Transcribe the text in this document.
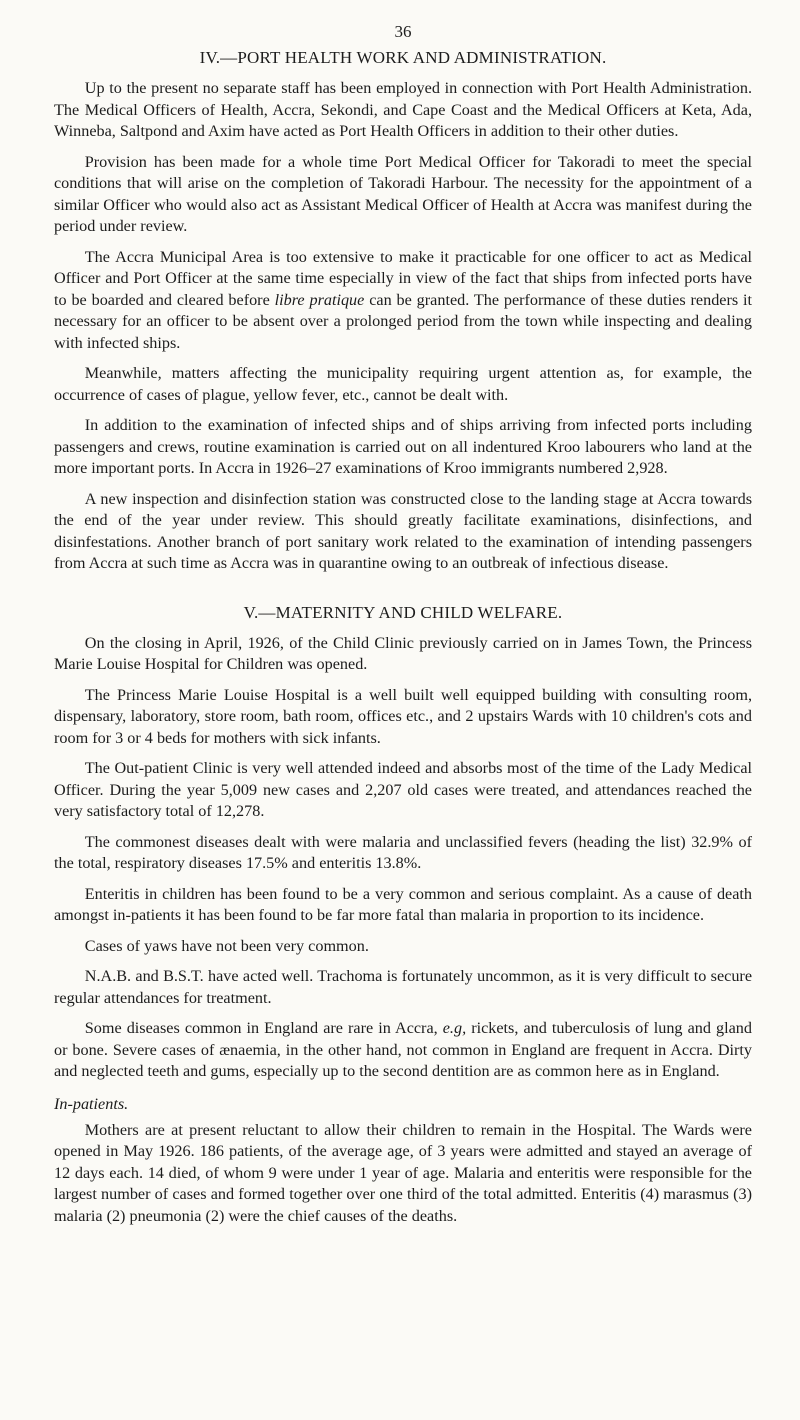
36
IV.—PORT HEALTH WORK AND ADMINISTRATION.

Up to the present no separate staff has been employed in connection with Port Health Administration. The Medical Officers of Health, Accra, Sekondi, and Cape Coast and the Medical Officers at Keta, Ada, Winneba, Saltpond and Axim have acted as Port Health Officers in addition to their other duties.

Provision has been made for a whole time Port Medical Officer for Takoradi to meet the special conditions that will arise on the completion of Takoradi Harbour. The necessity for the appointment of a similar Officer who would also act as Assistant Medical Officer of Health at Accra was manifest during the period under review.

The Accra Municipal Area is too extensive to make it practicable for one officer to act as Medical Officer and Port Officer at the same time especially in view of the fact that ships from infected ports have to be boarded and cleared before libre pratique can be granted. The performance of these duties renders it necessary for an officer to be absent over a prolonged period from the town while inspecting and dealing with infected ships.

Meanwhile, matters affecting the municipality requiring urgent attention as, for example, the occurrence of cases of plague, yellow fever, etc., cannot be dealt with.

In addition to the examination of infected ships and of ships arriving from infected ports including passengers and crews, routine examination is carried out on all indentured Kroo labourers who land at the more important ports. In Accra in 1926–27 examinations of Kroo immigrants numbered 2,928.

A new inspection and disinfection station was constructed close to the landing stage at Accra towards the end of the year under review. This should greatly facilitate examinations, disinfections, and disinfestations. Another branch of port sanitary work related to the examination of intending passengers from Accra at such time as Accra was in quarantine owing to an outbreak of infectious disease.

V.—MATERNITY AND CHILD WELFARE.

On the closing in April, 1926, of the Child Clinic previously carried on in James Town, the Princess Marie Louise Hospital for Children was opened.

The Princess Marie Louise Hospital is a well built well equipped building with consulting room, dispensary, laboratory, store room, bath room, offices etc., and 2 upstairs Wards with 10 children's cots and room for 3 or 4 beds for mothers with sick infants.

The Out-patient Clinic is very well attended indeed and absorbs most of the time of the Lady Medical Officer. During the year 5,009 new cases and 2,207 old cases were treated, and attendances reached the very satisfactory total of 12,278.

The commonest diseases dealt with were malaria and unclassified fevers (heading the list) 32.9% of the total, respiratory diseases 17.5% and enteritis 13.8%.

Enteritis in children has been found to be a very common and serious complaint. As a cause of death amongst in-patients it has been found to be far more fatal than malaria in proportion to its incidence.

Cases of yaws have not been very common.

N.A.B. and B.S.T. have acted well. Trachoma is fortunately uncommon, as it is very difficult to secure regular attendances for treatment.

Some diseases common in England are rare in Accra, e.g, rickets, and tuberculosis of lung and gland or bone. Severe cases of ænaemia, in the other hand, not common in England are frequent in Accra. Dirty and neglected teeth and gums, especially up to the second dentition are as common here as in England.

In-patients.

Mothers are at present reluctant to allow their children to remain in the Hospital. The Wards were opened in May 1926. 186 patients, of the average age, of 3 years were admitted and stayed an average of 12 days each. 14 died, of whom 9 were under 1 year of age. Malaria and enteritis were responsible for the largest number of cases and formed together over one third of the total admitted. Enteritis (4) marasmus (3) malaria (2) pneumonia (2) were the chief causes of the deaths.
